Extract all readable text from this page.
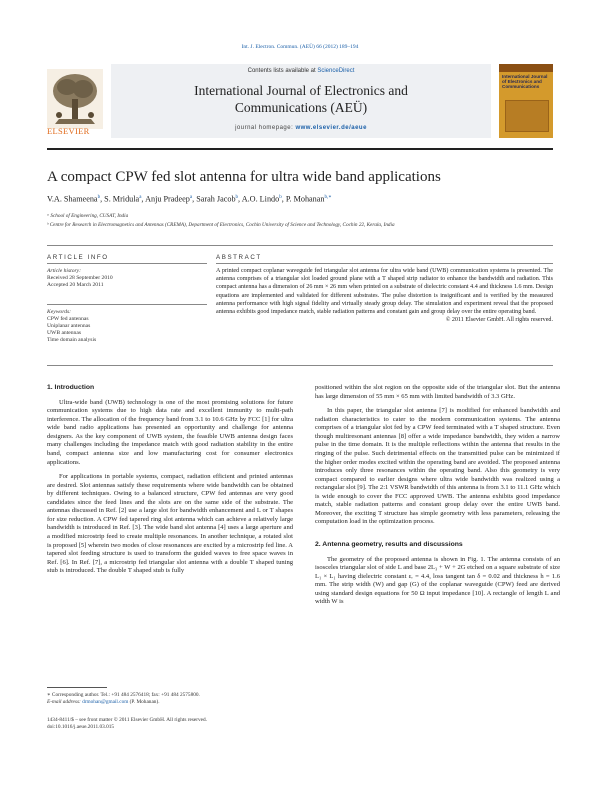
Int. J. Electron. Commun. (AEÜ) 66 (2012) 189–194
ELSEVIER
Contents lists available at ScienceDirect
International Journal of Electronics and
Communications (AEÜ)
journal homepage: www.elsevier.de/aeue
International Journal of Electronics and Communications
A compact CPW fed slot antenna for ultra wide band applications
V.A. Shameena$^b$, S. Mridula$^a$, Anju Pradeep$^a$, Sarah Jacob$^b$, A.O. Lindo$^b$, P. Mohanan$^{b,∗}$
ᵃ School of Engineering, CUSAT, India
ᵇ Centre for Research in Electromagnetics and Antennas (CREMA), Department of Electronics, Cochin University of Science and Technology, Cochin 22, Kerala, India
ARTICLE INFO
Article history:
Received 28 September 2010
Accepted 20 March 2011
Keywords:
CPW fed antennas
Uniplanar antennas
UWB antennas
Time domain analysis
ABSTRACT
A printed compact coplanar waveguide fed triangular slot antenna for ultra wide band (UWB) communication systems is presented. The antenna comprises of a triangular slot loaded ground plane with a T shaped strip radiator to enhance the bandwidth and radiation. This compact antenna has a dimension of 26 mm × 26 mm when printed on a substrate of dielectric constant 4.4 and thickness 1.6 mm. Design equations are implemented and validated for different substrates. The pulse distortion is insignificant and is verified by the measured antenna performance with high signal fidelity and virtually steady group delay. The simulation and experiment reveal that the proposed antenna exhibits good impedance match, stable radiation patterns and constant gain and group delay over the entire operating band.
© 2011 Elsevier GmbH. All rights reserved.
1. Introduction

Ultra-wide band (UWB) technology is one of the most promising solutions for future communication systems due to high data rate and excellent immunity to multi-path interference. The allocation of the frequency band from 3.1 to 10.6 GHz by FCC [1] for ultra wide band radio applications has presented an opportunity and challenge for antenna designers. As the key component of UWB system, the feasible UWB antenna design faces many challenges including the impedance match with good radiation stability in the entire band, compact antenna size and low manufacturing cost for consumer electronics applications.

For applications in portable systems, compact, radiation efficient and printed antennas are desired. Slot antennas satisfy these requirements where wide bandwidth can be obtained by different techniques. Owing to a balanced structure, CPW fed antennas are very good candidates since the feed lines and the slots are on the same side of the substrate. The antennas discussed in Ref. [2] use a large slot for bandwidth enhancement and L or T shapes for size reduction. A CPW fed tapered ring slot antenna which can achieve a relatively large bandwidth is introduced in Ref. [3]. The wide band slot antenna [4] uses a large aperture and a modified microstrip feed to create multiple resonances. In another technique, a rotated slot is proposed [5] wherein two modes of close resonances are excited by a microstrip fed line. A tapered slot feeding structure is used to transform the guided waves to free space waves in Ref. [6]. In Ref. [7], a microstrip fed triangular slot antenna with a double T shaped tuning stub is introduced. The double T shaped stub is fully

positioned within the slot region on the opposite side of the triangular slot. But the antenna has large dimension of 55 mm × 65 mm with limited bandwidth of 3.3 GHz.

In this paper, the triangular slot antenna [7] is modified for enhanced bandwidth and radiation characteristics to cater to the modern communication systems. The antenna comprises of a triangular slot fed by a CPW feed terminated with a T shaped structure. Even though multiresonant antennas [8] offer a wide impedance bandwidth, they widen a narrow pulse in the time domain. It is the multiple reflections within the antenna that results in the ringing of the pulse. Such detrimental effects on the transmitted pulse can be minimized if the higher order modes excited within the operating band are avoided. The proposed antenna introduces only three resonances within the operating band. Also this geometry is very compact compared to earlier designs where ultra wide bandwidth was realized using a rectangular slot [9]. The 2:1 VSWR bandwidth of this antenna is from 3.1 to 11.1 GHz which is wide enough to cover the FCC approved UWB. The antenna exhibits good impedance match, stable radiation patterns and constant group delay over the entire UWB band. Moreover, the exciting T structure has simple geometry with less parameters, releasing the computation load in the optimization process.

2. Antenna geometry, results and discussions

The geometry of the proposed antenna is shown in Fig. 1. The antenna consists of an isosceles triangular slot of side L and base 2L₃ + W + 2G etched on a square substrate of size L₁ × L₁ having dielectric constant εᵣ = 4.4, loss tangent tan δ = 0.02 and thickness h = 1.6 mm. The strip width (W) and gap (G) of the coplanar waveguide (CPW) feed are derived using standard design equations for 50 Ω input impedance [10]. A rectangle of length L and width W is

∗ Corresponding author. Tel.: +91 484 2576418; fax: +91 484 2575800.
E-mail address: drmohan@gmail.com (P. Mohanan).
1434-8411/$ – see front matter © 2011 Elsevier GmbH. All rights reserved.
doi:10.1016/j.aeue.2011.03.015
